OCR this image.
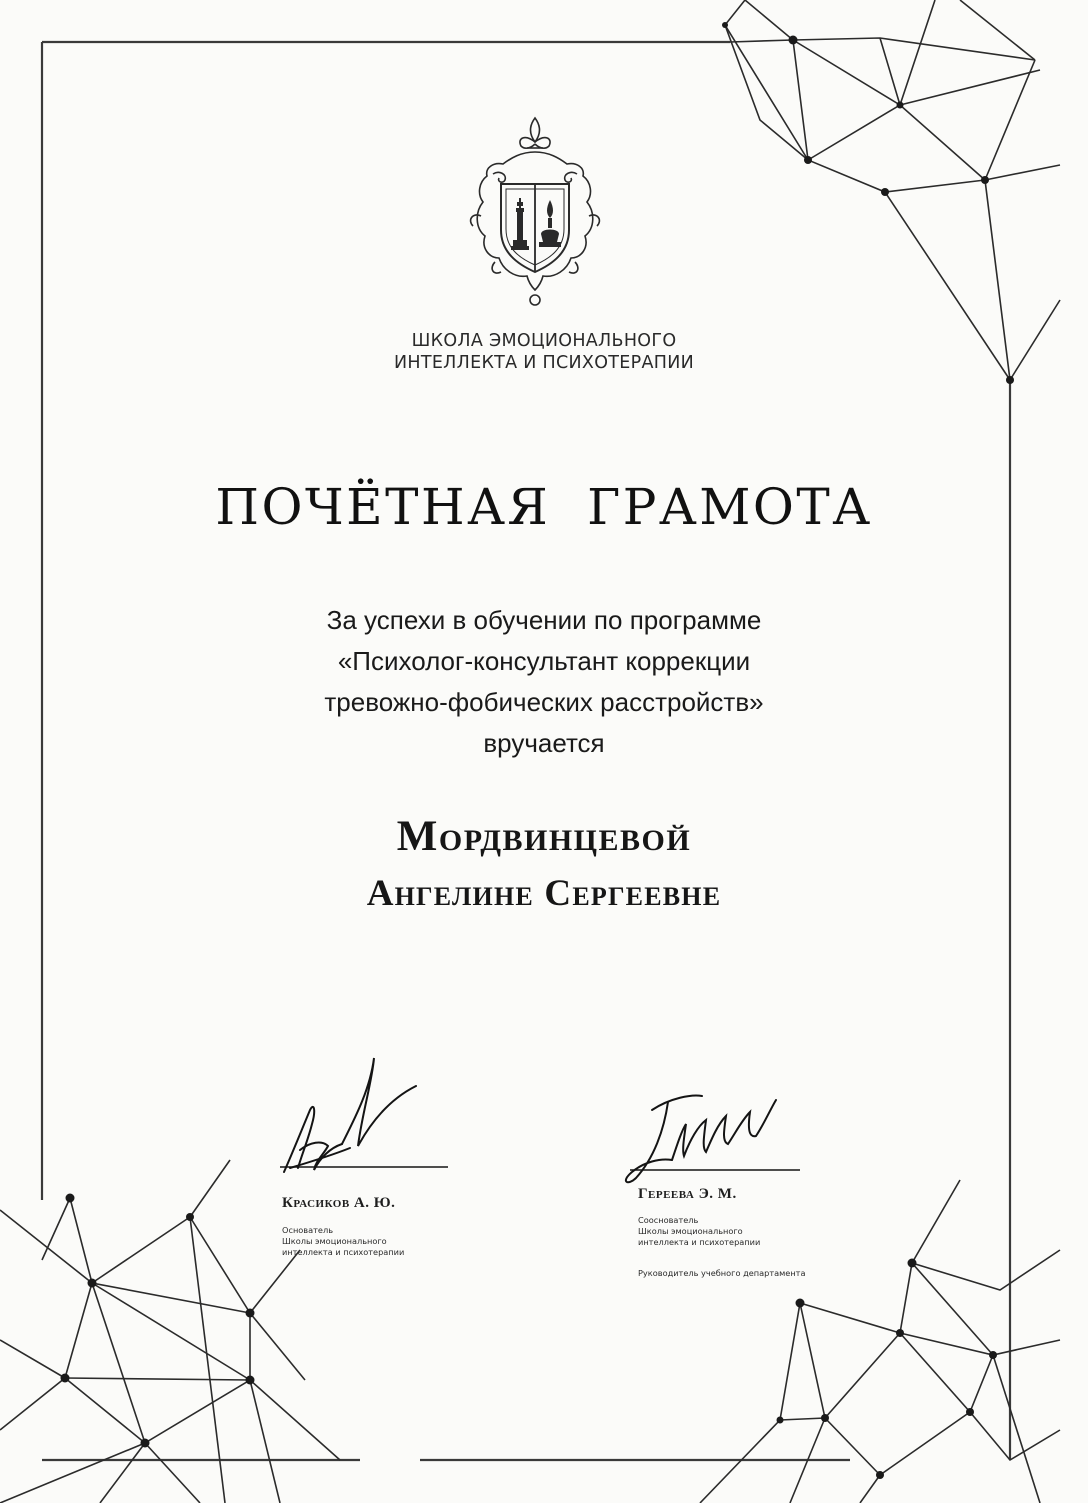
ШКОЛА ЭМОЦИОНАЛЬНОГО
ИНТЕЛЛЕКТА И ПСИХОТЕРАПИИ
ПОЧЁТНАЯ  ГРАМОТА
За успехи в обучении по программе
«Психолог-консультант коррекции
тревожно-фобических расстройств»
вручается
Мордвинцевой
Ангелине Сергеевне
Красиков А. Ю.
Основатель
Школы эмоционального
интеллекта и психотерапии
Гереева Э. М.
Сооснователь
Школы эмоционального
интеллекта и психотерапии
Руководитель учебного департамента
